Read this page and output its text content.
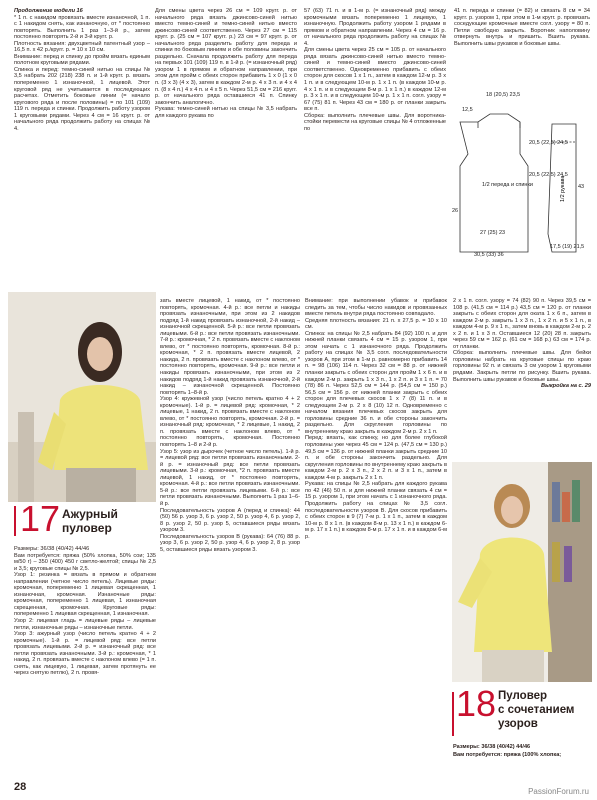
Продолжение модели 16

* 1 п. с накидом провязать вместе изнаночной, 1 п. с 1 накидом снять, как изнаночную, от * постоянно повторять. Выполнить 1 раз 1–3-й р., затем постоянно повторять 2-й и 3-й кругг. р.

Плотность вязания: двухцветный патентный узор – 16,5 п. х 42 р./кругг. р. = 10 х 10 см.

Внимание: перед и спинку до пройм вязать единым полотном круговыми рядами.

Спинка и перед: темно-синей нитью на спицы № 3,5 набрать 202 (218) 238 п. и 1-й кругг. р. вязать попеременно 1 изнаночной, 1 лицевой. Этот круговой ряд не учитывается в последующих расчетах. Отметить боковые линии (= начало кругового ряда и после половины) = по 101 (109) 119 п. переда и спинки. Продолжить работу узором 1 круговыми рядами. Через 4 см = 16 кругг. р. от начального ряда продолжить работу на спицах № 4.

Для смены цвета через 26 см = 109 кругг. р. от начального ряда вязать джинсово-синей нитью вместо темно-синей и темно-синей нитью вместо джинсово-синей соответственно. Через 27 см = 115 кругг. р. (25 см = 107 кругг. р.) 23 см = 97 кругг. р. от начального ряда разделить работу для переда и спинки по боковым линиям и обе половины закончить раздельно. Сначала продолжить работу для переда на первых 101 (109) 119 п. в 1-й р. (= изнаночный ряд) узором 1 в прямом и обратном направлении, при этом для пройм с обеих сторон прибавить 1 х 0 (1 х 0 п. (3 х 3) (4 х 3), затем в каждом 2-м р. 4 х 3 п. и 4 х 4 п. (8 х 4 п.) 4 х 4 п. и 4 х 5 п. Через 51,5 см = 216 кругг. р. от начального ряда оставшиеся 41 п. Спинку закончить аналогично.

Рукава: темно-синей нитью на спицы № 3,5 набрать для каждого рукава по

57 (63) 71 п. и в 1-м р. (= изнаночный ряд) между кромочными вязать попеременно 1 лицевую, 1 изнаночную. Продолжить работу узором 1 рядами в прямом и обратном направлении. Через 4 см = 16 р. от начального ряда продолжить работу на спицах № 4.

Для смены цвета через 25 см = 105 р. от начального ряда вязать джинсово-синей нитью вместо темно-синей и темно-синей вместо джинсово-синей соответственно. Одновременно прибавить с обеих сторон для скосов 1 х 1 п., затем в каждом 12-м р. 3 х 1 п. и в следующем 10-м р. 1 х 1 п. (в каждом 10-м р. 4 х 1 п. и в следующем 8-м р. 1 х 1 п.) в каждом 12-м р. 3 х 1 п. и в следующем 10-м р. 1 х 1 п. согл. узору = 67 (75) 81 п. Через 43 см = 180 р. от планки закрыть все п.

Сборка: выполнить плечевые швы. Для воротника-стойки перевести на круговые спицы № 4 отложенные по

41 п. переда и спинки (= 82) и связать 8 см = 34 кругг. р. узором 1, при этом в 1-м кругг. р. провязать соседующие кромочные вместе согл. узору = 80 п. Петли свободно закрыть. Воротник наполовину отвернуть внутрь и пришить. Вшить рукава. Выполнить швы рукавов и боковые швы.

12,5
18 (20,5) 23,5
20,5 (22,5) 24,5
20,5 (22,5) 24,5
1/2 переда и спинки
26
27 (25) 23
43
30,5 (33) 36
17,5 (19) 21,5
1/2 рукава
17 Ажурный
пуловер

Размеры: 36/38 (40/42) 44/46

Вам потребуется: пряжа (50% хлопка, 50% сои; 135 м/50 г) – 350 (400) 450 г светло-желтой; спицы № 2,5 и 3,5; круговые спицы № 2,5.

Узор 1: резинка = вязать в прямом и обратном направлении (четное число петель). Лицевые ряды: кромочная, попеременно 1 лицевая скрещенная, 1 изнаночная, кромочная. Изнаночные ряды: кромочная, попеременно 1 лицевая, 1 изнаночная скрещенная, кромочная. Круговые ряды: попеременно 1 лицевая скрещенная, 1 изнаночная.

Узор 2: лицевая гладь = лицевые ряды – лицевые петли, изнаночные ряды – изнаночные петли.

Узор 3: ажурный узор (число петель кратно 4 + 2 кромочные). 1-й р. = лицевой ряд: все петли провязать лицевыми. 2-й р. = изнаночный ряд: все петли провязать изнаночными. 3-й р.: кромочная, * 1 накид, 2 п. провязать вместе с наклоном влево (= 1 п. снять, как лицевую, 1 лицевая, затем протянуть ее через снятую петлю), 2 п. провя-

зать вместе лицевой, 1 накид, от * постоянно повторять, кромочная. 4-й р.: все петли и накиды провязать изнаночными, при этом из 2 накидов подряд 1-й накид провязать изнаночной, 2-й накид – изнаночной скрещенной. 5-й р.: все петли провязать лицевыми. 6-й р.: все петли провязать изнаночными. 7-й р.: кромочная, * 2 п. провязать вместе с наклоном влево, от * постоянно повторять, кромочная. 8-й р.: кромочная, * 2 п. провязать вместе лицевой, 2 накида, 2 п. провязать вместе с наклоном влево, от * постоянно повторять, кромочная. 9-й р.: все петли и накиды провязать изнаночными, при этом из 2 накидов подряд 1-й накид провязать изнаночной, 2-й накид – изнаночной скрещенной. Постоянно повторять 1–8-й р.

Узор 4: кружевной узор (число петель кратно 4 + 2 кромочные). 1-й р. = лицевой ряд: кромочная, * 2 лицевые, 1 накид, 2 п. провязать вместе с наклоном влево, от * постоянно повторять, кромочная. 2-й р. = изнаночный ряд: кромочная, * 2 лицевые, 1 накид, 2 п. провязать вместе с наклоном влево, от * постоянно повторять, кромочная. Постоянно повторять 1–8 и 2-й р.

Узор 5: узор из дырочек (четное число петель). 1-й р. = лицевой ряд: все петли провязать изнаночными. 2-й р. = изнаночный ряд: все петли провязать лицевыми. 3-й р.: кромочная, *2 п. провязать вместе лицевой, 1 накид, от * постоянно повторять, кромочная. 4-й р.: все петли провязать изнаночными. 5-й р.: все петли провязать лицевыми. 6-й р.: все петли провязать изнаночными. Выполнить 1 раз 1–6-й р.

Последовательность узоров А (перед и спинка): 44 (50) 56 р. узор 3, 6 р. узор 2, 50 р. узор 4, 6 р. узор 2, 8 р. узор 2, 50 р. узор 5, оставшиеся ряды вязать узором 3.

Последовательность узоров В (рукава): 64 (76) 88 р. узор 3, 6 р. узор 2, 50 р. узор 4, 6 р. узор 2, 8 р. узор 5, оставшиеся ряды вязать узором 3.

Внимание: при выполнении убавок и прибавок следить за тем, чтобы число накидов и провязанных вместе петель внутри ряда постоянно совпадало.

Средняя плотность вязания: 21 п. х 27,5 р. = 10 х 10 см.

Спинка: на спицы № 2,5 набрать 84 (92) 100 п. и для нижней планки связать 4 см = 15 р. узором 1, при этом начать с 1 изнаночного ряда. Продолжить работу на спицах № 3,5 согл. последовательности узоров А, при этом в 1-м р. равномерно прибавить 14 п. = 98 (106) 114 п. Через 32 см = 88 р. от нижней планки закрыть с обеих сторон для пройм 1 х 6 п. и в каждом 2-м р. закрыть 1 х 3 п., 1 х 2 п. и 3 х 1 п. = 70 (78) 86 п. Через 52,5 см = 144 р. (54,5 см = 150 р.) 56,5 см = 156 р. от нижней планки закрыть с обеих сторон для плечевых скосов 1 х 7 (8) 11 п. и в следующем 2-м р. 2 х 8 (10) 12 п. Одновременно с началом вязания плечевых скосов закрыть для горловины средние 36 п. и обе стороны закончить раздельно. Для скругления горловины по внутреннему краю закрыть в каждом 2-м р. 2 х 1 п.

Перед: вязать, как спинку, но для более глубокой горловины уже через 45 см = 124 р. (47,5 см = 130 р.) 49,5 см = 136 р. от нижней планки закрыть средние 10 п. и обе стороны закончить раздельно. Для скругления горловины по внутреннему краю закрыть в каждом 2-м р. 2 х 3 п., 2 х 2 п. и 3 х 1 п., затем в каждом 4-м р. закрыть 2 х 1 п.

Рукава: на спицы № 2,5 набрать для каждого рукава по 42 (46) 50 п. и для нижней планки связать 4 см = 15 р. узором 1, при этом начать с 1 изнаночного ряда. Продолжить работу на спицах № 3,5 согл. последовательности узоров В. Для скосов прибавить с обеих сторон в 9 (7) 7-м р. 1 х 1 п., затем в каждом 10-м р. 8 х 1 п. (в каждом 8-м р. 13 х 1 п.) в каждом 6-м р. 17 х 1 п.) в каждом 8-м р. 17 х 1 п. и в каждом 6-м р.

2 х 1 п. согл. узору = 74 (82) 90 п. Через 39,5 см = 108 р. (41,5 см = 114 р.) 43,5 см = 120 р. от планки закрыть с обеих сторон для оката 1 х 6 п., затем в каждом 2-м р. закрыть 1 х 3 п., 1 х 2 п. и 5 х 1 п., в каждом 4-м р. 9 х 1 п., затем вновь в каждом 2-м р. 2 х 2 п. и 1 х 3 п. Оставшиеся 12 (20) 28 п. закрыть через 59 см = 162 р. (61 см = 168 р.) 63 см = 174 р. от планки.

Сборка: выполнить плечевые швы. Для бейки горловины набрать на круговые спицы по краю горловины 92 п. и связать 3 см узором 1 круговыми рядами. Закрыть петли по рисунку. Вшить рукава. Выполнить швы рукавов и боковые швы.

Выкройка на с. 29

18 Пуловер
с сочетанием
узоров
Размеры: 36/38 (40/42) 44/46
Вам потребуется: пряжа (100% хлопка;
28	PassionForum.ru
